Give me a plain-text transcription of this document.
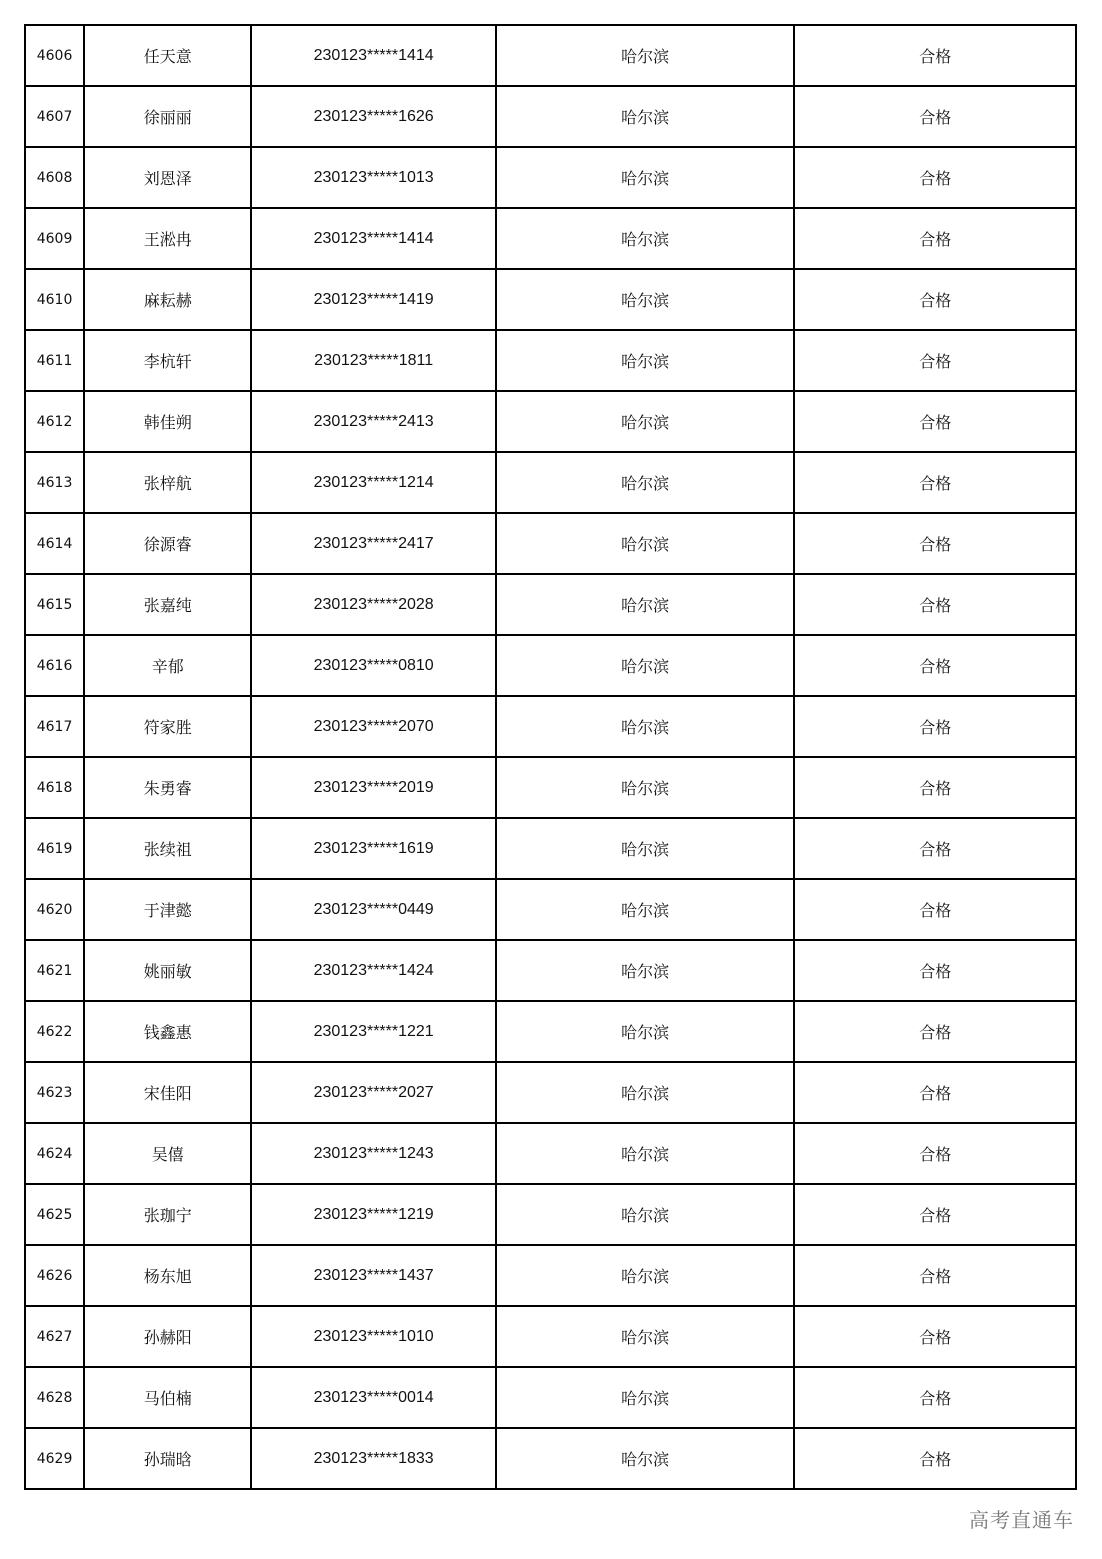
4606	任天意	230123*****1414	哈尔滨	合格
4607	徐丽丽	230123*****1626	哈尔滨	合格
4608	刘恩泽	230123*****1013	哈尔滨	合格
4609	王淞冉	230123*****1414	哈尔滨	合格
4610	麻耘赫	230123*****1419	哈尔滨	合格
4611	李杭轩	230123*****1811	哈尔滨	合格
4612	韩佳朔	230123*****2413	哈尔滨	合格
4613	张梓航	230123*****1214	哈尔滨	合格
4614	徐源睿	230123*****2417	哈尔滨	合格
4615	张嘉纯	230123*****2028	哈尔滨	合格
4616	辛郁	230123*****0810	哈尔滨	合格
4617	符家胜	230123*****2070	哈尔滨	合格
4618	朱勇睿	230123*****2019	哈尔滨	合格
4619	张续祖	230123*****1619	哈尔滨	合格
4620	于津懿	230123*****0449	哈尔滨	合格
4621	姚丽敏	230123*****1424	哈尔滨	合格
4622	钱鑫惠	230123*****1221	哈尔滨	合格
4623	宋佳阳	230123*****2027	哈尔滨	合格
4624	吴僖	230123*****1243	哈尔滨	合格
4625	张珈宁	230123*****1219	哈尔滨	合格
4626	杨东旭	230123*****1437	哈尔滨	合格
4627	孙赫阳	230123*****1010	哈尔滨	合格
4628	马伯楠	230123*****0014	哈尔滨	合格
4629	孙瑞晗	230123*****1833	哈尔滨	合格
高考直通车
